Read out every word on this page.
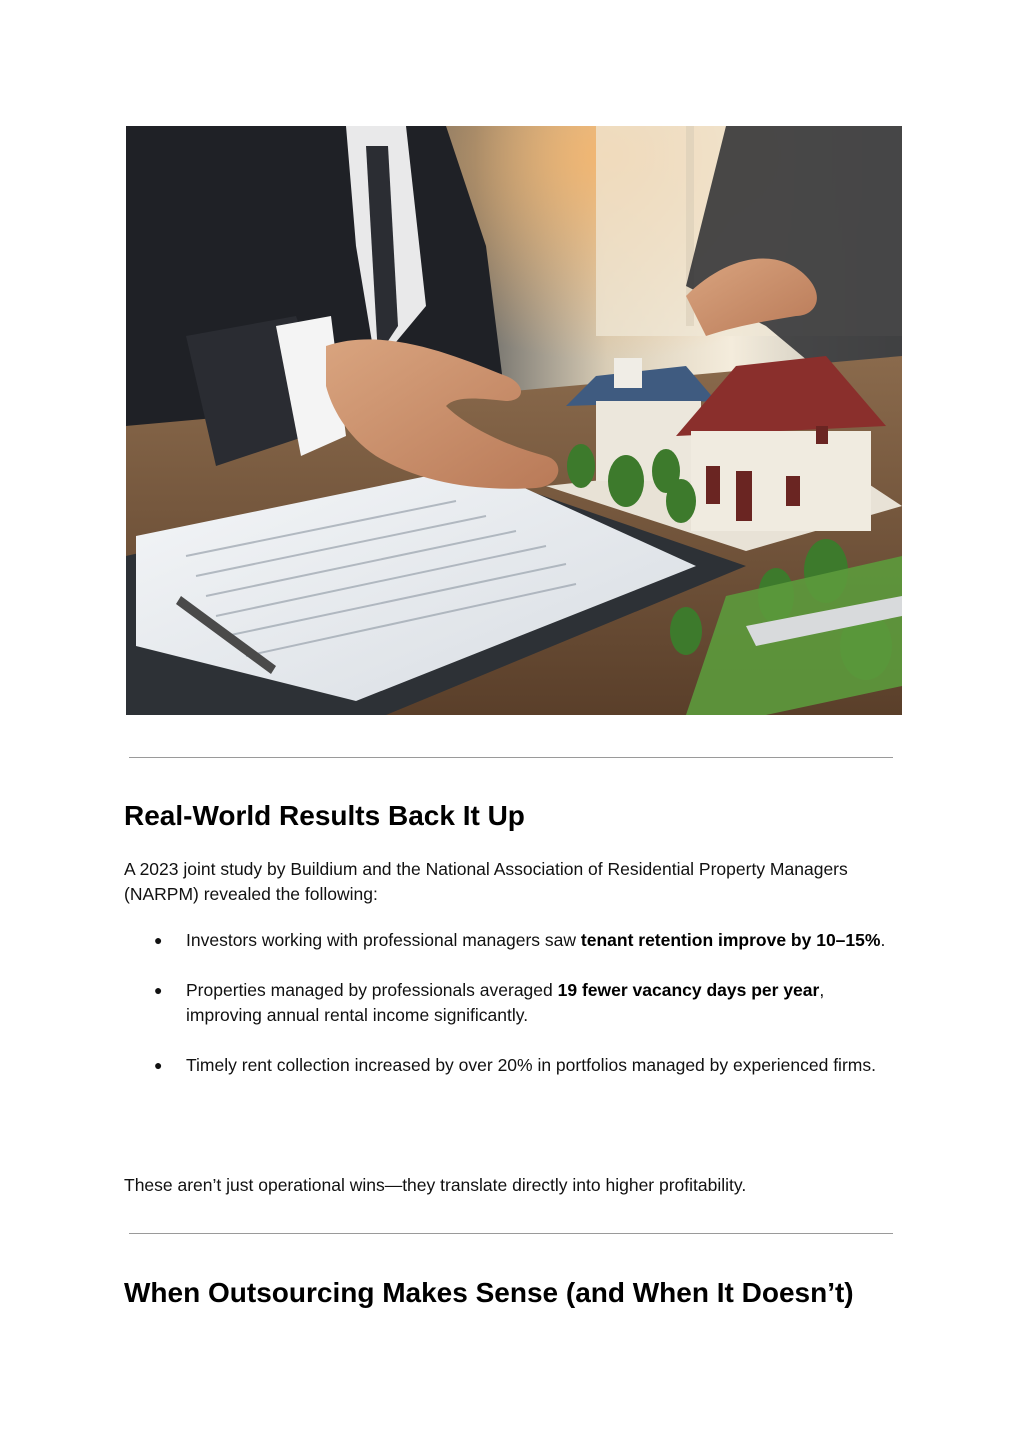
Real-World Results Back It Up

A 2023 joint study by Buildium and the National Association of Residential Property Managers (NARPM) revealed the following:

● Investors working with professional managers saw tenant retention improve by 10–15%.
● Properties managed by professionals averaged 19 fewer vacancy days per year, improving annual rental income significantly.
● Timely rent collection increased by over 20% in portfolios managed by experienced firms.

These aren’t just operational wins—they translate directly into higher profitability.

When Outsourcing Makes Sense (and When It Doesn’t)
